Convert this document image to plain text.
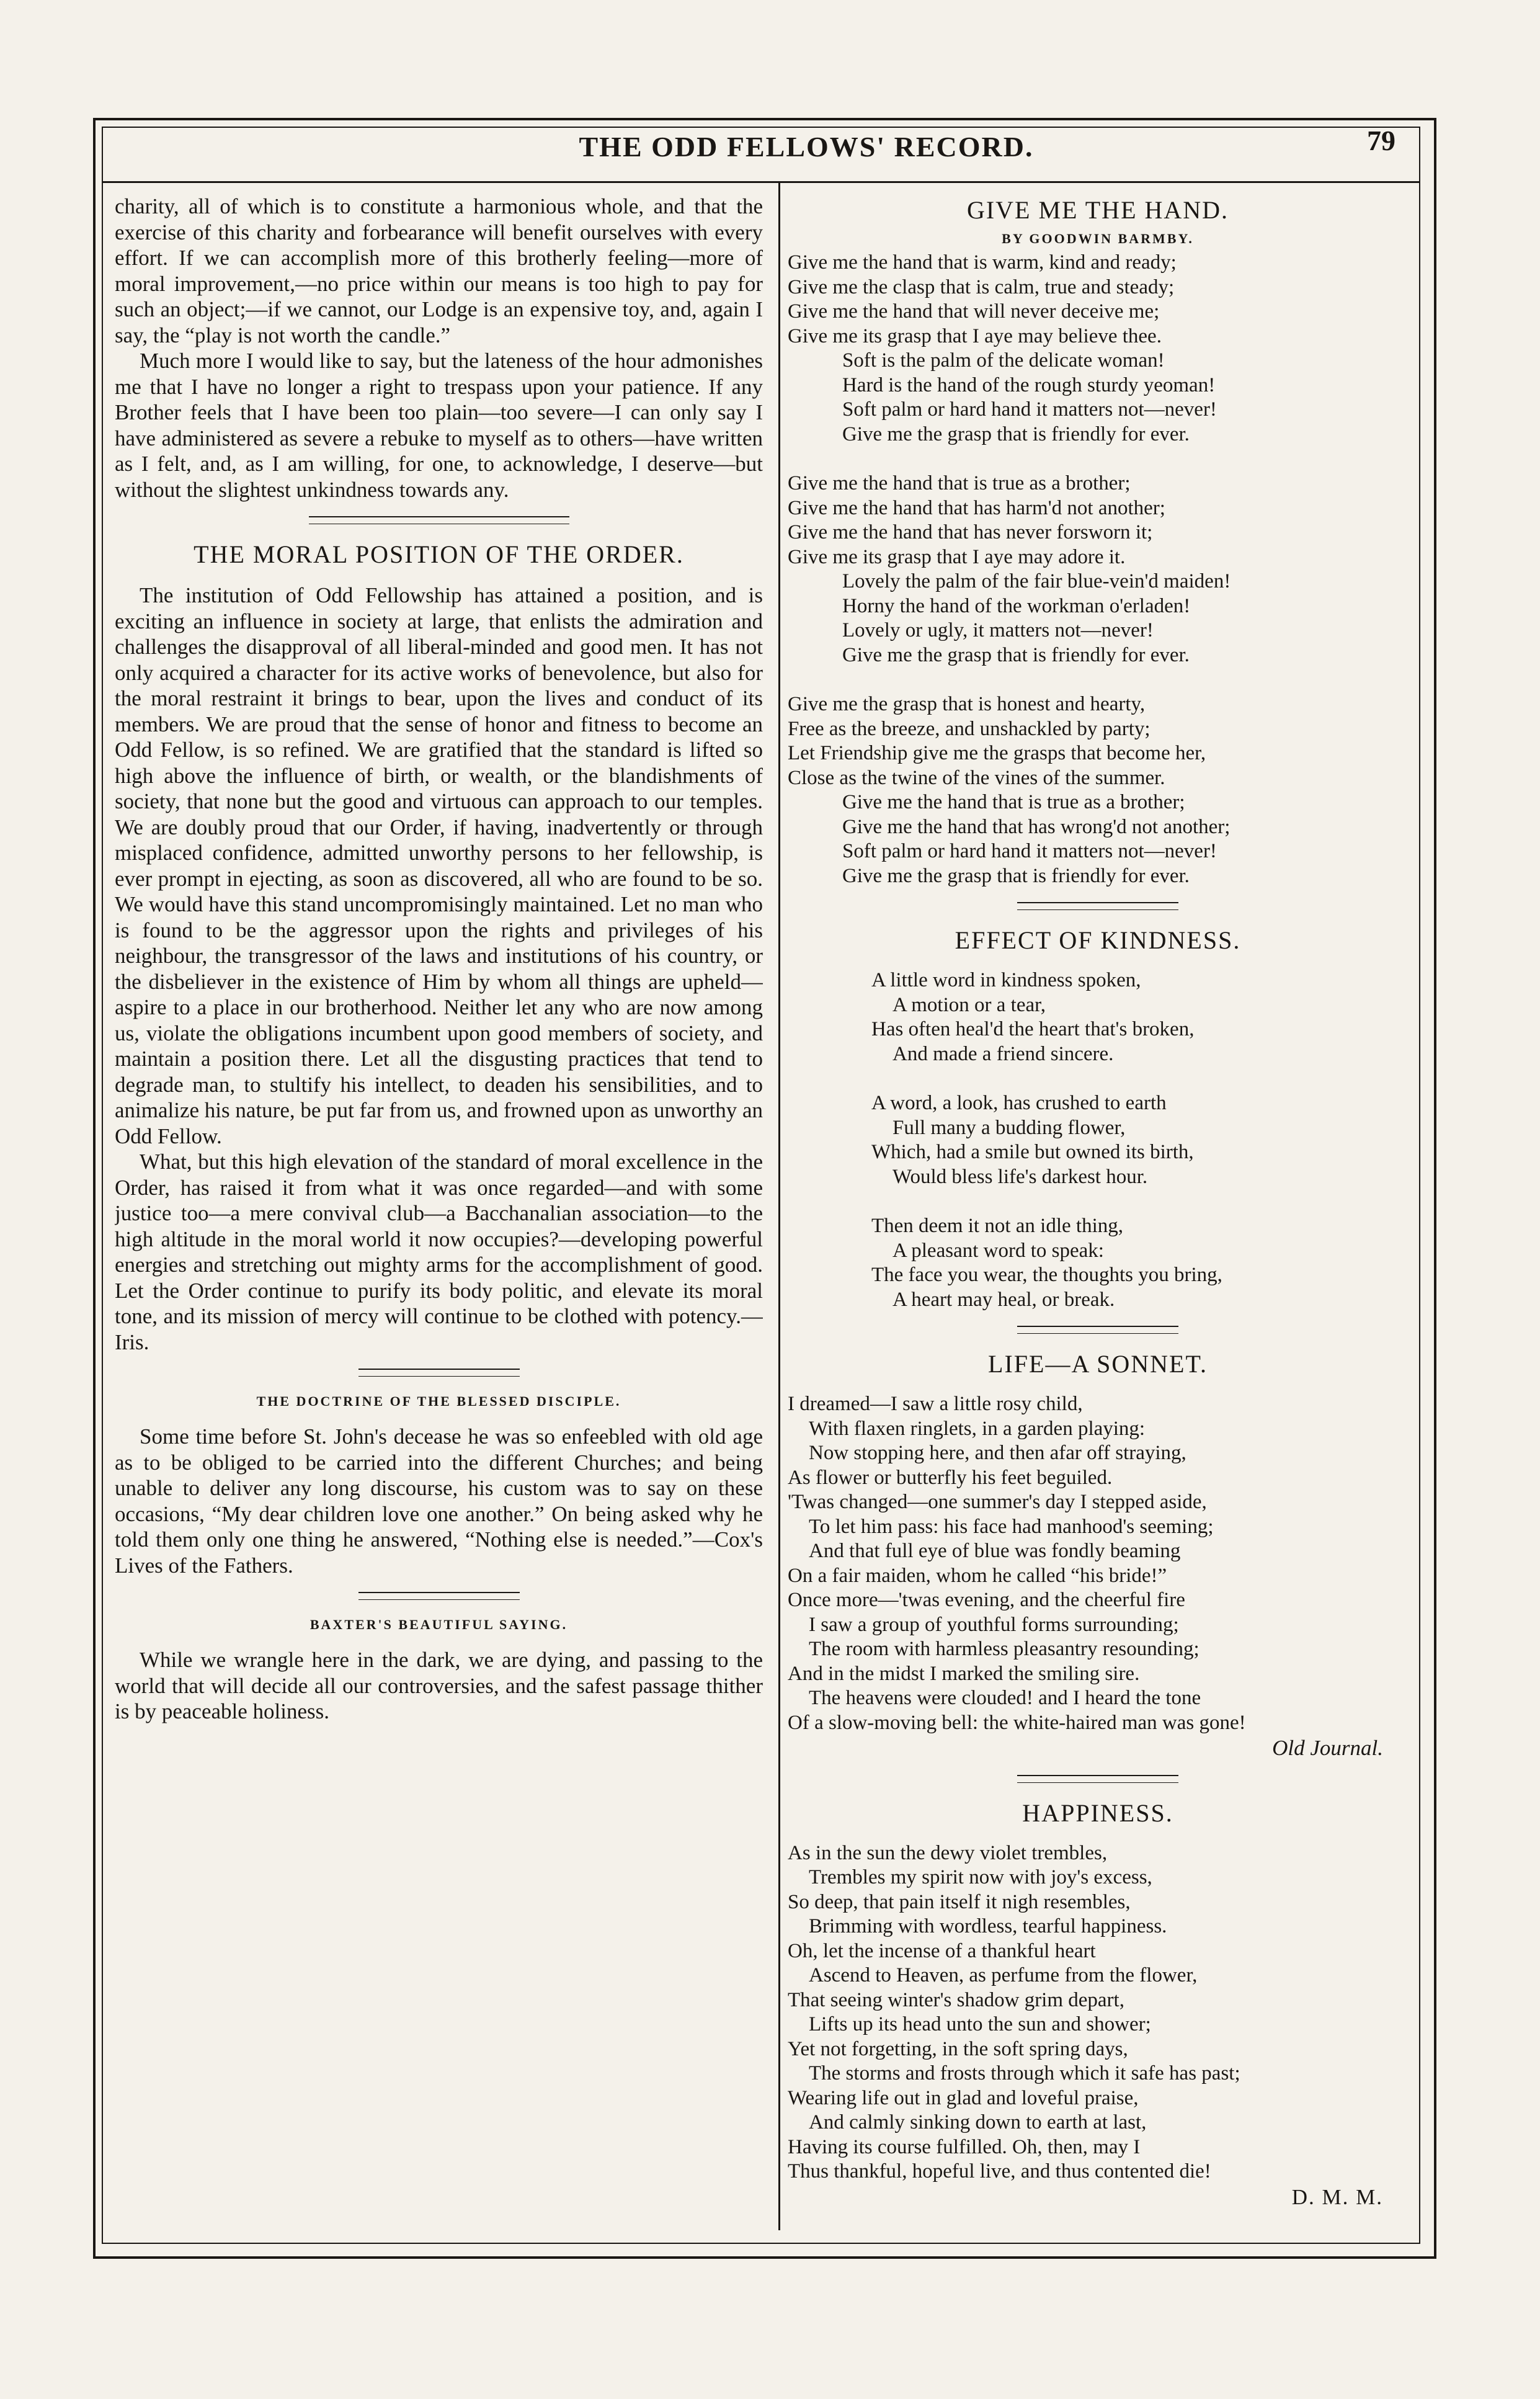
THE ODD FELLOWS' RECORD.	79

charity, all of which is to constitute a harmonious whole, and that the exercise of this charity and forbearance will benefit ourselves with every effort. If we can accomplish more of this brotherly feeling—more of moral improvement,—no price within our means is too high to pay for such an object;—if we cannot, our Lodge is an expensive toy, and, again I say, the “play is not worth the candle.”

Much more I would like to say, but the lateness of the hour admonishes me that I have no longer a right to trespass upon your patience. If any Brother feels that I have been too plain—too severe—I can only say I have administered as severe a rebuke to myself as to others—have written as I felt, and, as I am willing, for one, to acknowledge, I deserve—but without the slightest unkindness towards any.

THE MORAL POSITION OF THE ORDER.

The institution of Odd Fellowship has attained a position, and is exciting an influence in society at large, that enlists the admiration and challenges the disapproval of all liberal-minded and good men. It has not only acquired a character for its active works of benevolence, but also for the moral restraint it brings to bear, upon the lives and conduct of its members. We are proud that the sense of honor and fitness to become an Odd Fellow, is so refined. We are gratified that the standard is lifted so high above the influence of birth, or wealth, or the blandishments of society, that none but the good and virtuous can approach to our temples. We are doubly proud that our Order, if having, inadvertently or through misplaced confidence, admitted unworthy persons to her fellowship, is ever prompt in ejecting, as soon as discovered, all who are found to be so. We would have this stand uncompromisingly maintained. Let no man who is found to be the aggressor upon the rights and privileges of his neighbour, the transgressor of the laws and institutions of his country, or the disbeliever in the existence of Him by whom all things are upheld—aspire to a place in our brotherhood. Neither let any who are now among us, violate the obligations incumbent upon good members of society, and maintain a position there. Let all the disgusting practices that tend to degrade man, to stultify his intellect, to deaden his sensibilities, and to animalize his nature, be put far from us, and frowned upon as unworthy an Odd Fellow.

What, but this high elevation of the standard of moral excellence in the Order, has raised it from what it was once regarded—and with some justice too—a mere convival club—a Bacchanalian association—to the high altitude in the moral world it now occupies?—developing powerful energies and stretching out mighty arms for the accomplishment of good. Let the Order continue to purify its body politic, and elevate its moral tone, and its mission of mercy will continue to be clothed with potency.—Iris.

THE DOCTRINE OF THE BLESSED DISCIPLE.

Some time before St. John's decease he was so enfeebled with old age as to be obliged to be carried into the different Churches; and being unable to deliver any long discourse, his custom was to say on these occasions, “My dear children love one another.” On being asked why he told them only one thing he answered, “Nothing else is needed.”—Cox's Lives of the Fathers.

BAXTER'S BEAUTIFUL SAYING.

While we wrangle here in the dark, we are dying, and passing to the world that will decide all our controversies, and the safest passage thither is by peaceable holiness.

GIVE ME THE HAND.
BY GOODWIN BARMBY.
Give me the hand that is warm, kind and ready;
Give me the clasp that is calm, true and steady;
Give me the hand that will never deceive me;
Give me its grasp that I aye may believe thee.
Soft is the palm of the delicate woman!
Hard is the hand of the rough sturdy yeoman!
Soft palm or hard hand it matters not—never!
Give me the grasp that is friendly for ever.
Give me the hand that is true as a brother;
Give me the hand that has harm'd not another;
Give me the hand that has never forsworn it;
Give me its grasp that I aye may adore it.
Lovely the palm of the fair blue-vein'd maiden!
Horny the hand of the workman o'erladen!
Lovely or ugly, it matters not—never!
Give me the grasp that is friendly for ever.
Give me the grasp that is honest and hearty,
Free as the breeze, and unshackled by party;
Let Friendship give me the grasps that become her,
Close as the twine of the vines of the summer.
Give me the hand that is true as a brother;
Give me the hand that has wrong'd not another;
Soft palm or hard hand it matters not—never!
Give me the grasp that is friendly for ever.
EFFECT OF KINDNESS.
A little word in kindness spoken,
A motion or a tear,
Has often heal'd the heart that's broken,
And made a friend sincere.
A word, a look, has crushed to earth
Full many a budding flower,
Which, had a smile but owned its birth,
Would bless life's darkest hour.
Then deem it not an idle thing,
A pleasant word to speak:
The face you wear, the thoughts you bring,
A heart may heal, or break.
LIFE—A SONNET.
I dreamed—I saw a little rosy child,
With flaxen ringlets, in a garden playing:
Now stopping here, and then afar off straying,
As flower or butterfly his feet beguiled.
'Twas changed—one summer's day I stepped aside,
To let him pass: his face had manhood's seeming;
And that full eye of blue was fondly beaming
On a fair maiden, whom he called “his bride!”
Once more—'twas evening, and the cheerful fire
I saw a group of youthful forms surrounding;
The room with harmless pleasantry resounding;
And in the midst I marked the smiling sire.
The heavens were clouded! and I heard the tone
Of a slow-moving bell: the white-haired man was gone!

Old Journal.

HAPPINESS.
As in the sun the dewy violet trembles,
Trembles my spirit now with joy's excess,
So deep, that pain itself it nigh resembles,
Brimming with wordless, tearful happiness.
Oh, let the incense of a thankful heart
Ascend to Heaven, as perfume from the flower,
That seeing winter's shadow grim depart,
Lifts up its head unto the sun and shower;
Yet not forgetting, in the soft spring days,
The storms and frosts through which it safe has past;
Wearing life out in glad and loveful praise,
And calmly sinking down to earth at last,
Having its course fulfilled. Oh, then, may I
Thus thankful, hopeful live, and thus contented die!

D. M. M.
